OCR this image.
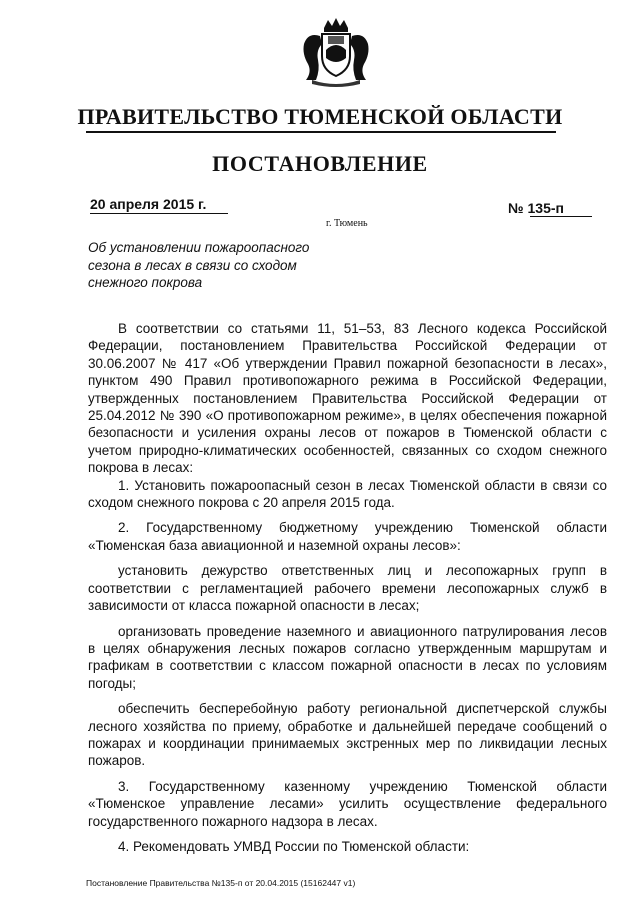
ПРАВИТЕЛЬСТВО ТЮМЕНСКОЙ ОБЛАСТИ
ПОСТАНОВЛЕНИЕ
20 апреля 2015 г.	№ 135-п
г. Тюмень
Об установлении пожароопасного сезона в лесах в связи со сходом снежного покрова

В соответствии со статьями 11, 51–53, 83 Лесного кодекса Российской Федерации, постановлением Правительства Российской Федерации от 30.06.2007 № 417 «Об утверждении Правил пожарной безопасности в лесах», пунктом 490 Правил противопожарного режима в Российской Федерации, утвержденных постановлением Правительства Российской Федерации от 25.04.2012 № 390 «О противопожарном режиме», в целях обеспечения пожарной безопасности и усиления охраны лесов от пожаров в Тюменской области с учетом природно-климатических особенностей, связанных со сходом снежного покрова в лесах:

1. Установить пожароопасный сезон в лесах Тюменской области в связи со сходом снежного покрова с 20 апреля 2015 года.

2. Государственному бюджетному учреждению Тюменской области «Тюменская база авиационной и наземной охраны лесов»:

установить дежурство ответственных лиц и лесопожарных групп в соответствии с регламентацией рабочего времени лесопожарных служб в зависимости от класса пожарной опасности в лесах;

организовать проведение наземного и авиационного патрулирования лесов в целях обнаружения лесных пожаров согласно утвержденным маршрутам и графикам в соответствии с классом пожарной опасности в лесах по условиям погоды;

обеспечить бесперебойную работу региональной диспетчерской службы лесного хозяйства по приему, обработке и дальнейшей передаче сообщений о пожарах и координации принимаемых экстренных мер по ликвидации лесных пожаров.

3. Государственному казенному учреждению Тюменской области «Тюменское управление лесами» усилить осуществление федерального государственного пожарного надзора в лесах.

4. Рекомендовать УМВД России по Тюменской области:

Постановление Правительства №135-п от 20.04.2015 (15162447 v1)
